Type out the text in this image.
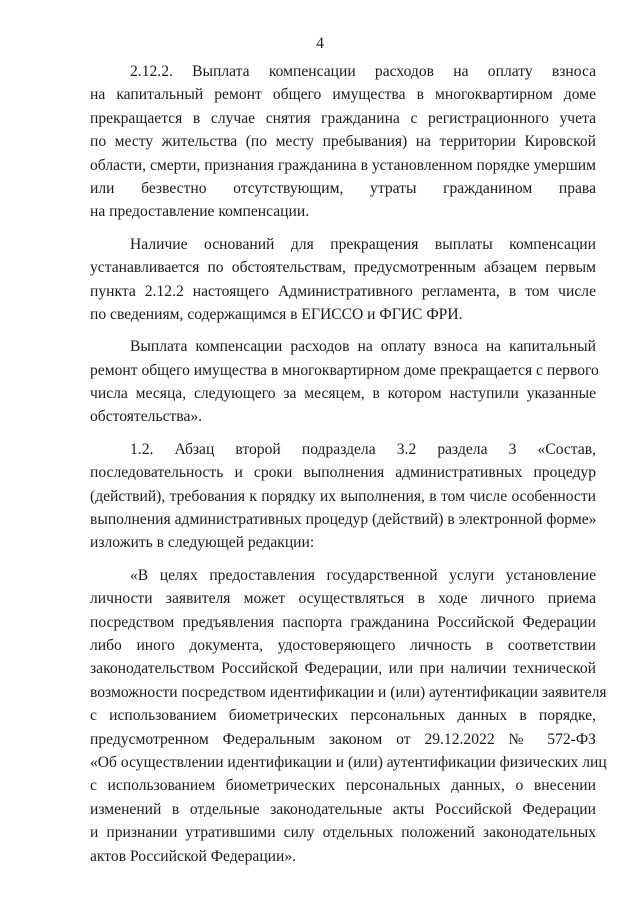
4

2.12.2. Выплата компенсации расходов на оплату взноса
на капитальный ремонт общего имущества в многоквартирном доме
прекращается в случае снятия гражданина с регистрационного учета
по месту жительства (по месту пребывания) на территории Кировской
области, смерти, признания гражданина в установленном порядке умершим
или безвестно отсутствующим, утраты гражданином права
на предоставление компенсации.

Наличие оснований для прекращения выплаты компенсации
устанавливается по обстоятельствам, предусмотренным абзацем первым
пункта 2.12.2 настоящего Административного регламента, в том числе
по сведениям, содержащимся в ЕГИССО и ФГИС ФРИ.

Выплата компенсации расходов на оплату взноса на капитальный
ремонт общего имущества в многоквартирном доме прекращается с первого
числа месяца, следующего за месяцем, в котором наступили указанные
обстоятельства».

1.2. Абзац второй подраздела 3.2 раздела 3 «Состав,
последовательность и сроки выполнения административных процедур
(действий), требования к порядку их выполнения, в том числе особенности
выполнения административных процедур (действий) в электронной форме»
изложить в следующей редакции:

«В целях предоставления государственной услуги установление
личности заявителя может осуществляться в ходе личного приема
посредством предъявления паспорта гражданина Российской Федерации
либо иного документа, удостоверяющего личность в соответствии
законодательством Российской Федерации, или при наличии технической
возможности посредством идентификации и (или) аутентификации заявителя
с использованием биометрических персональных данных в порядке,
предусмотренном Федеральным законом от 29.12.2022 № 572-ФЗ
«Об осуществлении идентификации и (или) аутентификации физических лиц
с использованием биометрических персональных данных, о внесении
изменений в отдельные законодательные акты Российской Федерации
и признании утратившими силу отдельных положений законодательных
актов Российской Федерации».
